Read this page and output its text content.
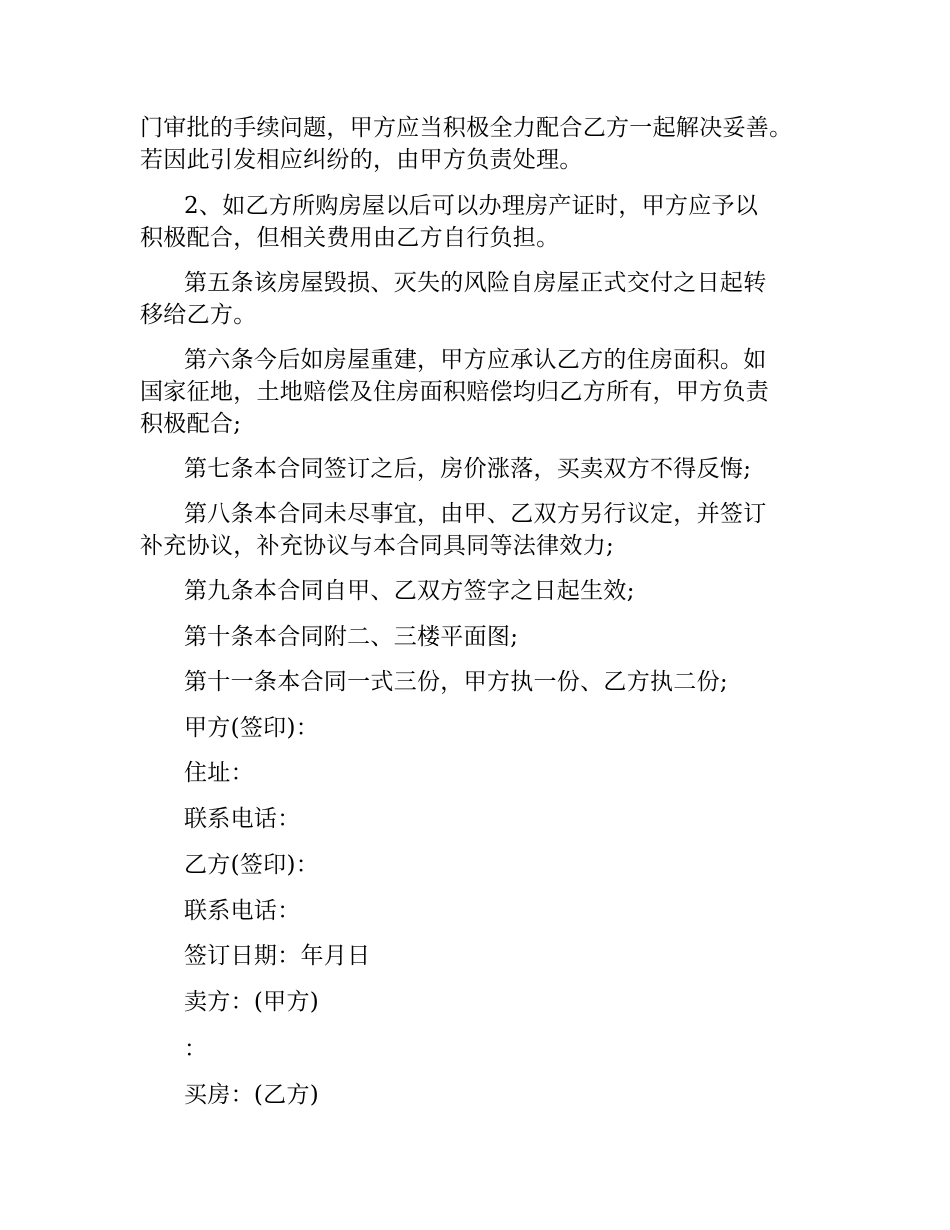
门审批的手续问题，甲方应当积极全力配合乙方一起解决妥善。
若因此引发相应纠纷的，由甲方负责处理。
2、如乙方所购房屋以后可以办理房产证时，甲方应予以
积极配合，但相关费用由乙方自行负担。
第五条该房屋毁损、灭失的风险自房屋正式交付之日起转
移给乙方。
第六条今后如房屋重建，甲方应承认乙方的住房面积。如
国家征地，土地赔偿及住房面积赔偿均归乙方所有，甲方负责
积极配合;
第七条本合同签订之后，房价涨落，买卖双方不得反悔;
第八条本合同未尽事宜，由甲、乙双方另行议定，并签订
补充协议，补充协议与本合同具同等法律效力;
第九条本合同自甲、乙双方签字之日起生效;
第十条本合同附二、三楼平面图;
第十一条本合同一式三份，甲方执一份、乙方执二份;
甲方(签印)：
住址：
联系电话：
乙方(签印)：
联系电话：
签订日期：年月日
卖方：(甲方)
：
买房：(乙方)
